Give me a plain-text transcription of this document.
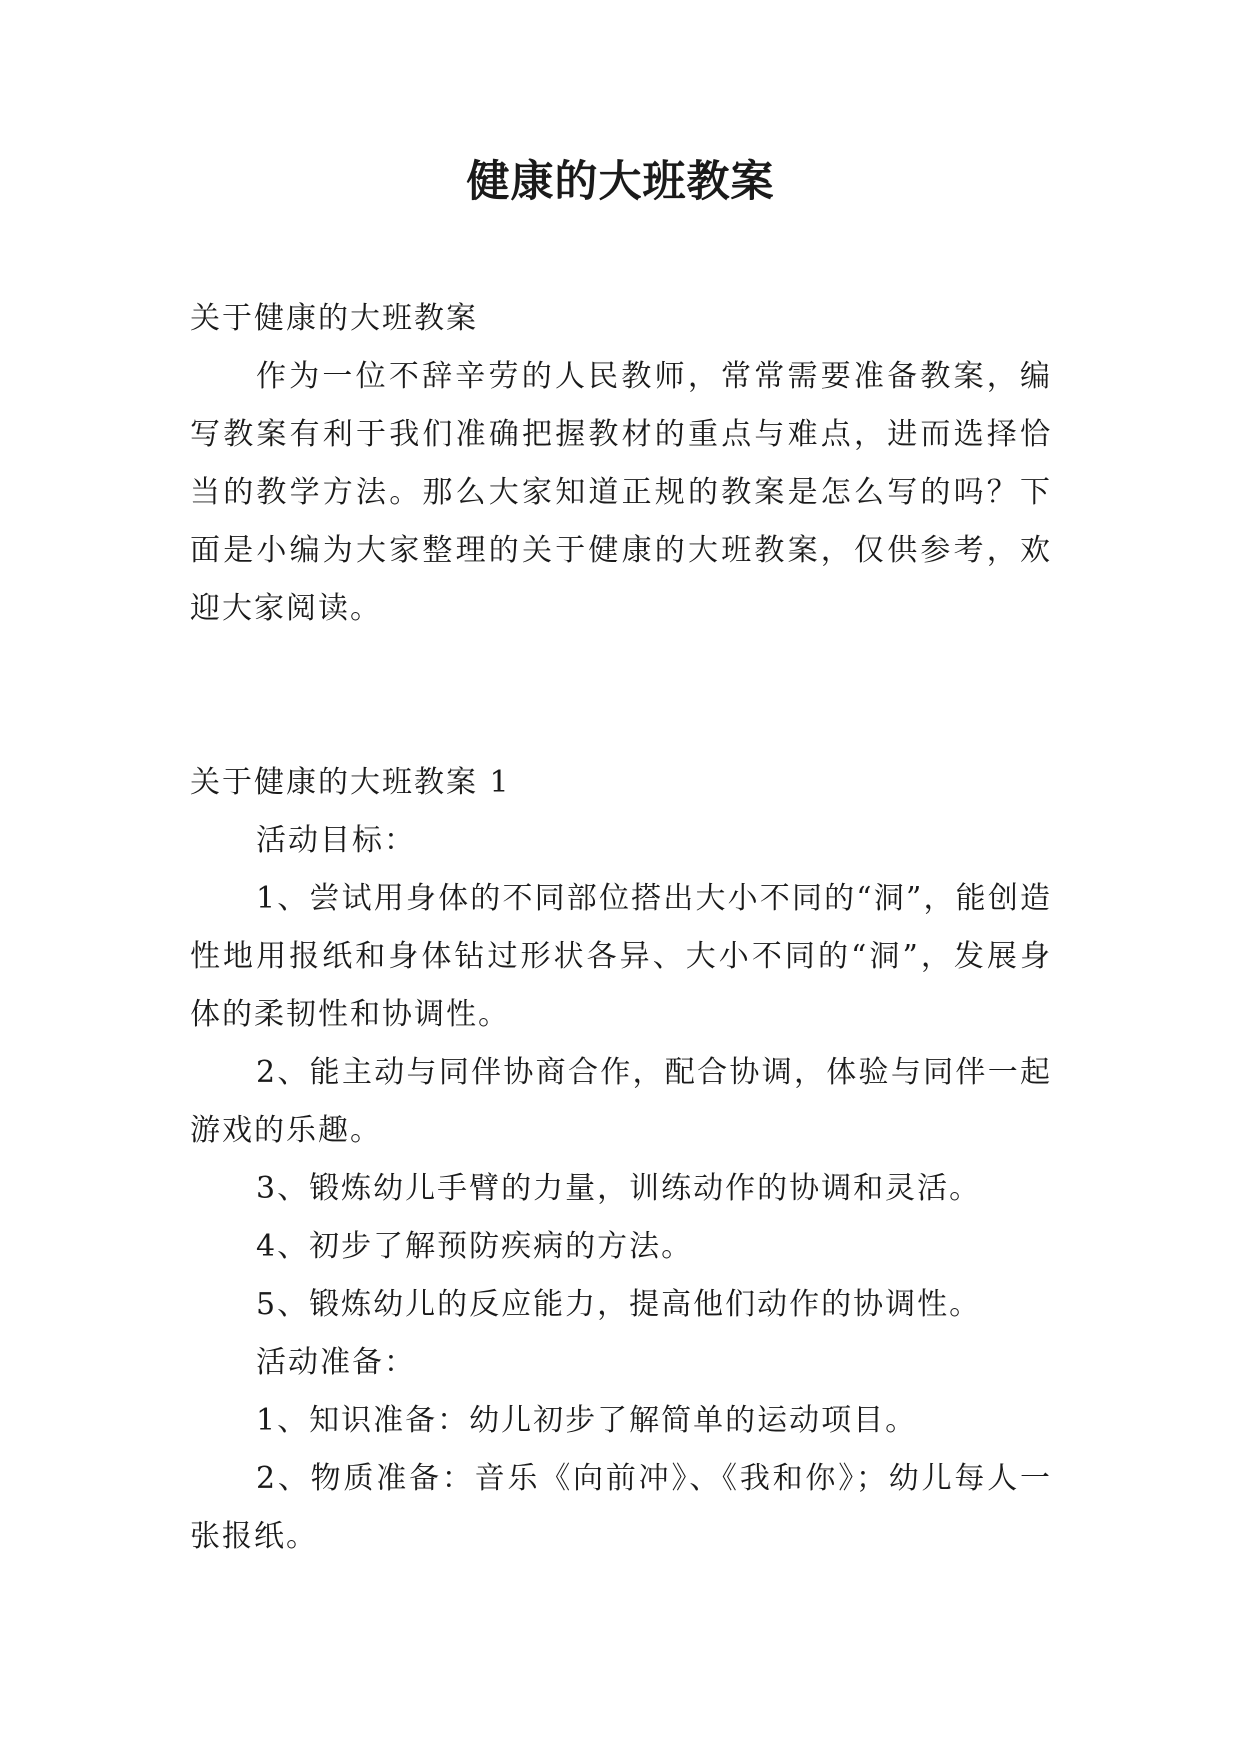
健康的大班教案

关于健康的大班教案

作为一位不辞辛劳的人民教师，常常需要准备教案，编写教案有利于我们准确把握教材的重点与难点，进而选择恰当的教学方法。那么大家知道正规的教案是怎么写的吗？下面是小编为大家整理的关于健康的大班教案，仅供参考，欢迎大家阅读。

关于健康的大班教案 1

活动目标：

1、尝试用身体的不同部位搭出大小不同的“洞”，能创造性地用报纸和身体钻过形状各异、大小不同的“洞”，发展身体的柔韧性和协调性。

2、能主动与同伴协商合作，配合协调，体验与同伴一起游戏的乐趣。

3、锻炼幼儿手臂的力量，训练动作的协调和灵活。

4、初步了解预防疾病的方法。

5、锻炼幼儿的反应能力，提高他们动作的协调性。

活动准备：

1、知识准备：幼儿初步了解简单的运动项目。

2、物质准备：音乐《向前冲》、《我和你》；幼儿每人一张报纸。
